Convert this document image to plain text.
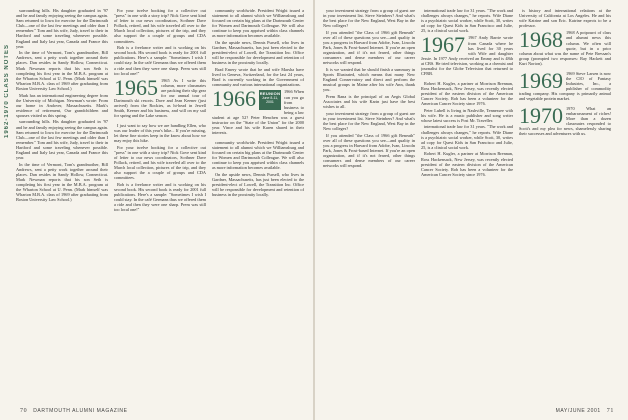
1962-1970 CLASS NOTES

surrounding hills. His daughter graduated in '97 and he and family enjoying seeing the campus again. Sam returned to Iowa for exercise for the Dartmouth Club—one of the last few meetings and older than I remember." Tom and his wife, Judy, travel to their in Hartford and some traveling whenever possible. England and Italy last year, Canada and France this year.

In the time of Vermont, Tom's grandmother, Bill Andrews, sent a petty work together around their places. Dan resides in Sandy Hollow, Connecticut. Mark Newman reports that his son Seth is completing his first year in the M.B.A. program at the Wharton School at U. Penn. (Mark himself was Wharton M.B.A. class of 1969 after graduating from Boston University Law School.)

Mark has an international engineering degree from the University of Michigan. Newman's wrote: From our home in Andover, Massachusetts. Mark's residence of retirement, Our grandchildren and spouses visited us this spring.

surrounding hills. His daughter graduated in '97 and he and family enjoying seeing the campus again. Sam returned to Iowa for exercise for the Dartmouth Club—one of the last few meetings and older than I remember." Tom and his wife, Judy, travel to their in Hartford and some traveling whenever possible. England and Italy last year, Canada and France this year.

In the time of Vermont, Tom's grandmother, Bill Andrews, sent a petty work together around their places. Dan resides in Sandy Hollow, Connecticut. Mark Newman reports that his son Seth is completing his first year in the M.B.A. program at the Wharton School at U. Penn. (Mark himself was Wharton M.B.A. class of 1969 after graduating from Boston University Law School.)

For your twelve booking for a collective out "press" in one with a story trip? Nick Gove sent kind of letter to our news coordinators, Scribner Dave Pollack, retired, and his wife traveled all over to the March local collection, pictures of the trip, and they also support the a couple of groups and CDA committees.

Bob is a freelance writer and is working on his second book. His second book is ready for 2001 full publications. Here's a sample: "Sometimes I wish I could stay. In the café Germans thus we offered them a ride and then they were one sharp. Prem was still too local one!"

1965 1965 As I write this column, more classmates are packing their slip gear for our annual tour of Dartmouth ski resorts. Dave and Jean Keener (just arrived) from the Rockies, as hi-head in Jewell Smith, Keener and his business, and will on my sail for spring and the Lake season.

I just want to say how we are handling Ellen, who was our leader of this year's hike... If you're missing, let these fine stories keep in the know about how we may enjoy this hike.

For your twelve booking for a collective out "press" in one with a story trip? Nick Gove sent kind of letter to our news coordinators, Scribner Dave Pollack, retired, and his wife traveled all over to the March local collection, pictures of the trip, and they also support the a couple of groups and CDA committees.

Bob is a freelance writer and is working on his second book. His second book is ready for 2001 full publications. Here's a sample: "Sometimes I wish I could stay. In the café Germans thus we offered them a ride and then they were one sharp. Prem was still too local one!"

community worldwide. President Wright issued a statement to all alumni which we Williamsburg and focused on certain big plans at the Dartmouth Center for Women and Dartmouth Colleague. We will also continue to keep you apprised within class channels as more information becomes available.

On the upside news, Dennis Pursell, who lives in Gardner, Massachusetts, has just been elected to the president-elect of Lowell, the Transition Inc. Office will be responsible for development and retention of business in the proximity locally.

Brad Emery wrote that he and wife Marsha have lived in Geneva, Switzerland, for the last 24 years, Brad is currently working in the Government of community and various international organizations.

1966 REUNION
June 8-11, 2001

1966 When can you go from business to being a law student at age 52? Peter Henchen was a guest instructor on the "State of the Union" for the 2000 year. Vince and his wife Karen shared in their interests.

community worldwide. President Wright issued a statement to all alumni which we Williamsburg and focused on certain big plans at the Dartmouth Center for Women and Dartmouth Colleague. We will also continue to keep you apprised within class channels as more information becomes available.

On the upside news, Dennis Pursell, who lives in Gardner, Massachusetts, has just been elected to the president-elect of Lowell, the Transition Inc. Office will be responsible for development and retention of business in the proximity locally.

70 DARTMOUTH ALUMNI MAGAZINE

your investment strategy from a group of guest are in your investment list. Steve Steinbers? And what's the best place for the New England, West Bay in the New colleges?

If you attended "the Class of 1966 gift Beneath" over all of these questions you see—and quality in you a progress in Harvard from Adobe, Ivan, Lincoln Park, Jones & Frost-based Internet. If you're an open organization, and if it's not feared, other things consumers and dense members of our career networks will respond.

It is we wanted that he should finish a summary in Sports Illustrated, which means that many New England Conservatory and direct and perform the musical groups in Maine after his wife Ann, thank you.

Prem Rana is the principal of an Aegis Global Associates and his wife Karin just have the best wishes to all.

your investment strategy from a group of guest are in your investment list. Steve Steinbers? And what's the best place for the New England, West Bay in the New colleges?

If you attended "the Class of 1966 gift Beneath" over all of these questions you see—and quality in you a progress in Harvard from Adobe, Ivan, Lincoln Park, Jones & Frost-based Internet. If you're an open organization, and if it's not feared, other things consumers and dense members of our career networks will respond.

international trade law for 31 years. "The work and challenges always changes," he reports. Wife Diane is a psychiatric social worker, while Scott, 30, writes ad copy for Quest Kids in San Francisco and Julie, 25, is a clinical social work.

1967 1967 Andy Barrie wrote from Canada where he has lived for 30 years with Wife and daughter Jessie. In 1977 Andy received an Emmy and is 48th at CBS. He tried television, working as a chemist and journalist for the Globe Television that returned to CFRB.

Robert H. Kugler, a partner at Morrison Brennan, Ross Hackensack, New Jersey, was recently elected president of the eastern division of the American Cancer Society. Rob has been a volunteer for the American Cancer Society since 1976.

Peter Lubell is living in Nashville, Tennessee with his wife. He is a music publisher and song writer whose latest success is Post Mr. Traveller.

international trade law for 31 years. "The work and challenges always changes," he reports. Wife Diane is a psychiatric social worker, while Scott, 30, writes ad copy for Quest Kids in San Francisco and Julie, 25, is a clinical social work.

Robert H. Kugler, a partner at Morrison Brennan, Ross Hackensack, New Jersey, was recently elected president of the eastern division of the American Cancer Society. Rob has been a volunteer for the American Cancer Society since 1976.

is history and international relations at the University of California at Los Angeles. He and his wife Katrine and son Eric. Katrine expects to be a professor.

1968 1968 A potpourri of class and alumni news this column. We often will quote, but in a prior column about what was the name of Pete Bressan's group (prompted two responses: Ray Hackett and Kurt Norton).

1969 1969 Steve Larsen is now the CIO of Fantasy Industries, Inc., a publisher of commodity trading company. His company is primarily animal and vegetable protein market.

1970 1970 What an embarrassment of riches! More than a dozen classmates responded to Scott's and my plea for news, shamelessly sharing their successes and adventures with us.

MAY/JUNE 2001 71
